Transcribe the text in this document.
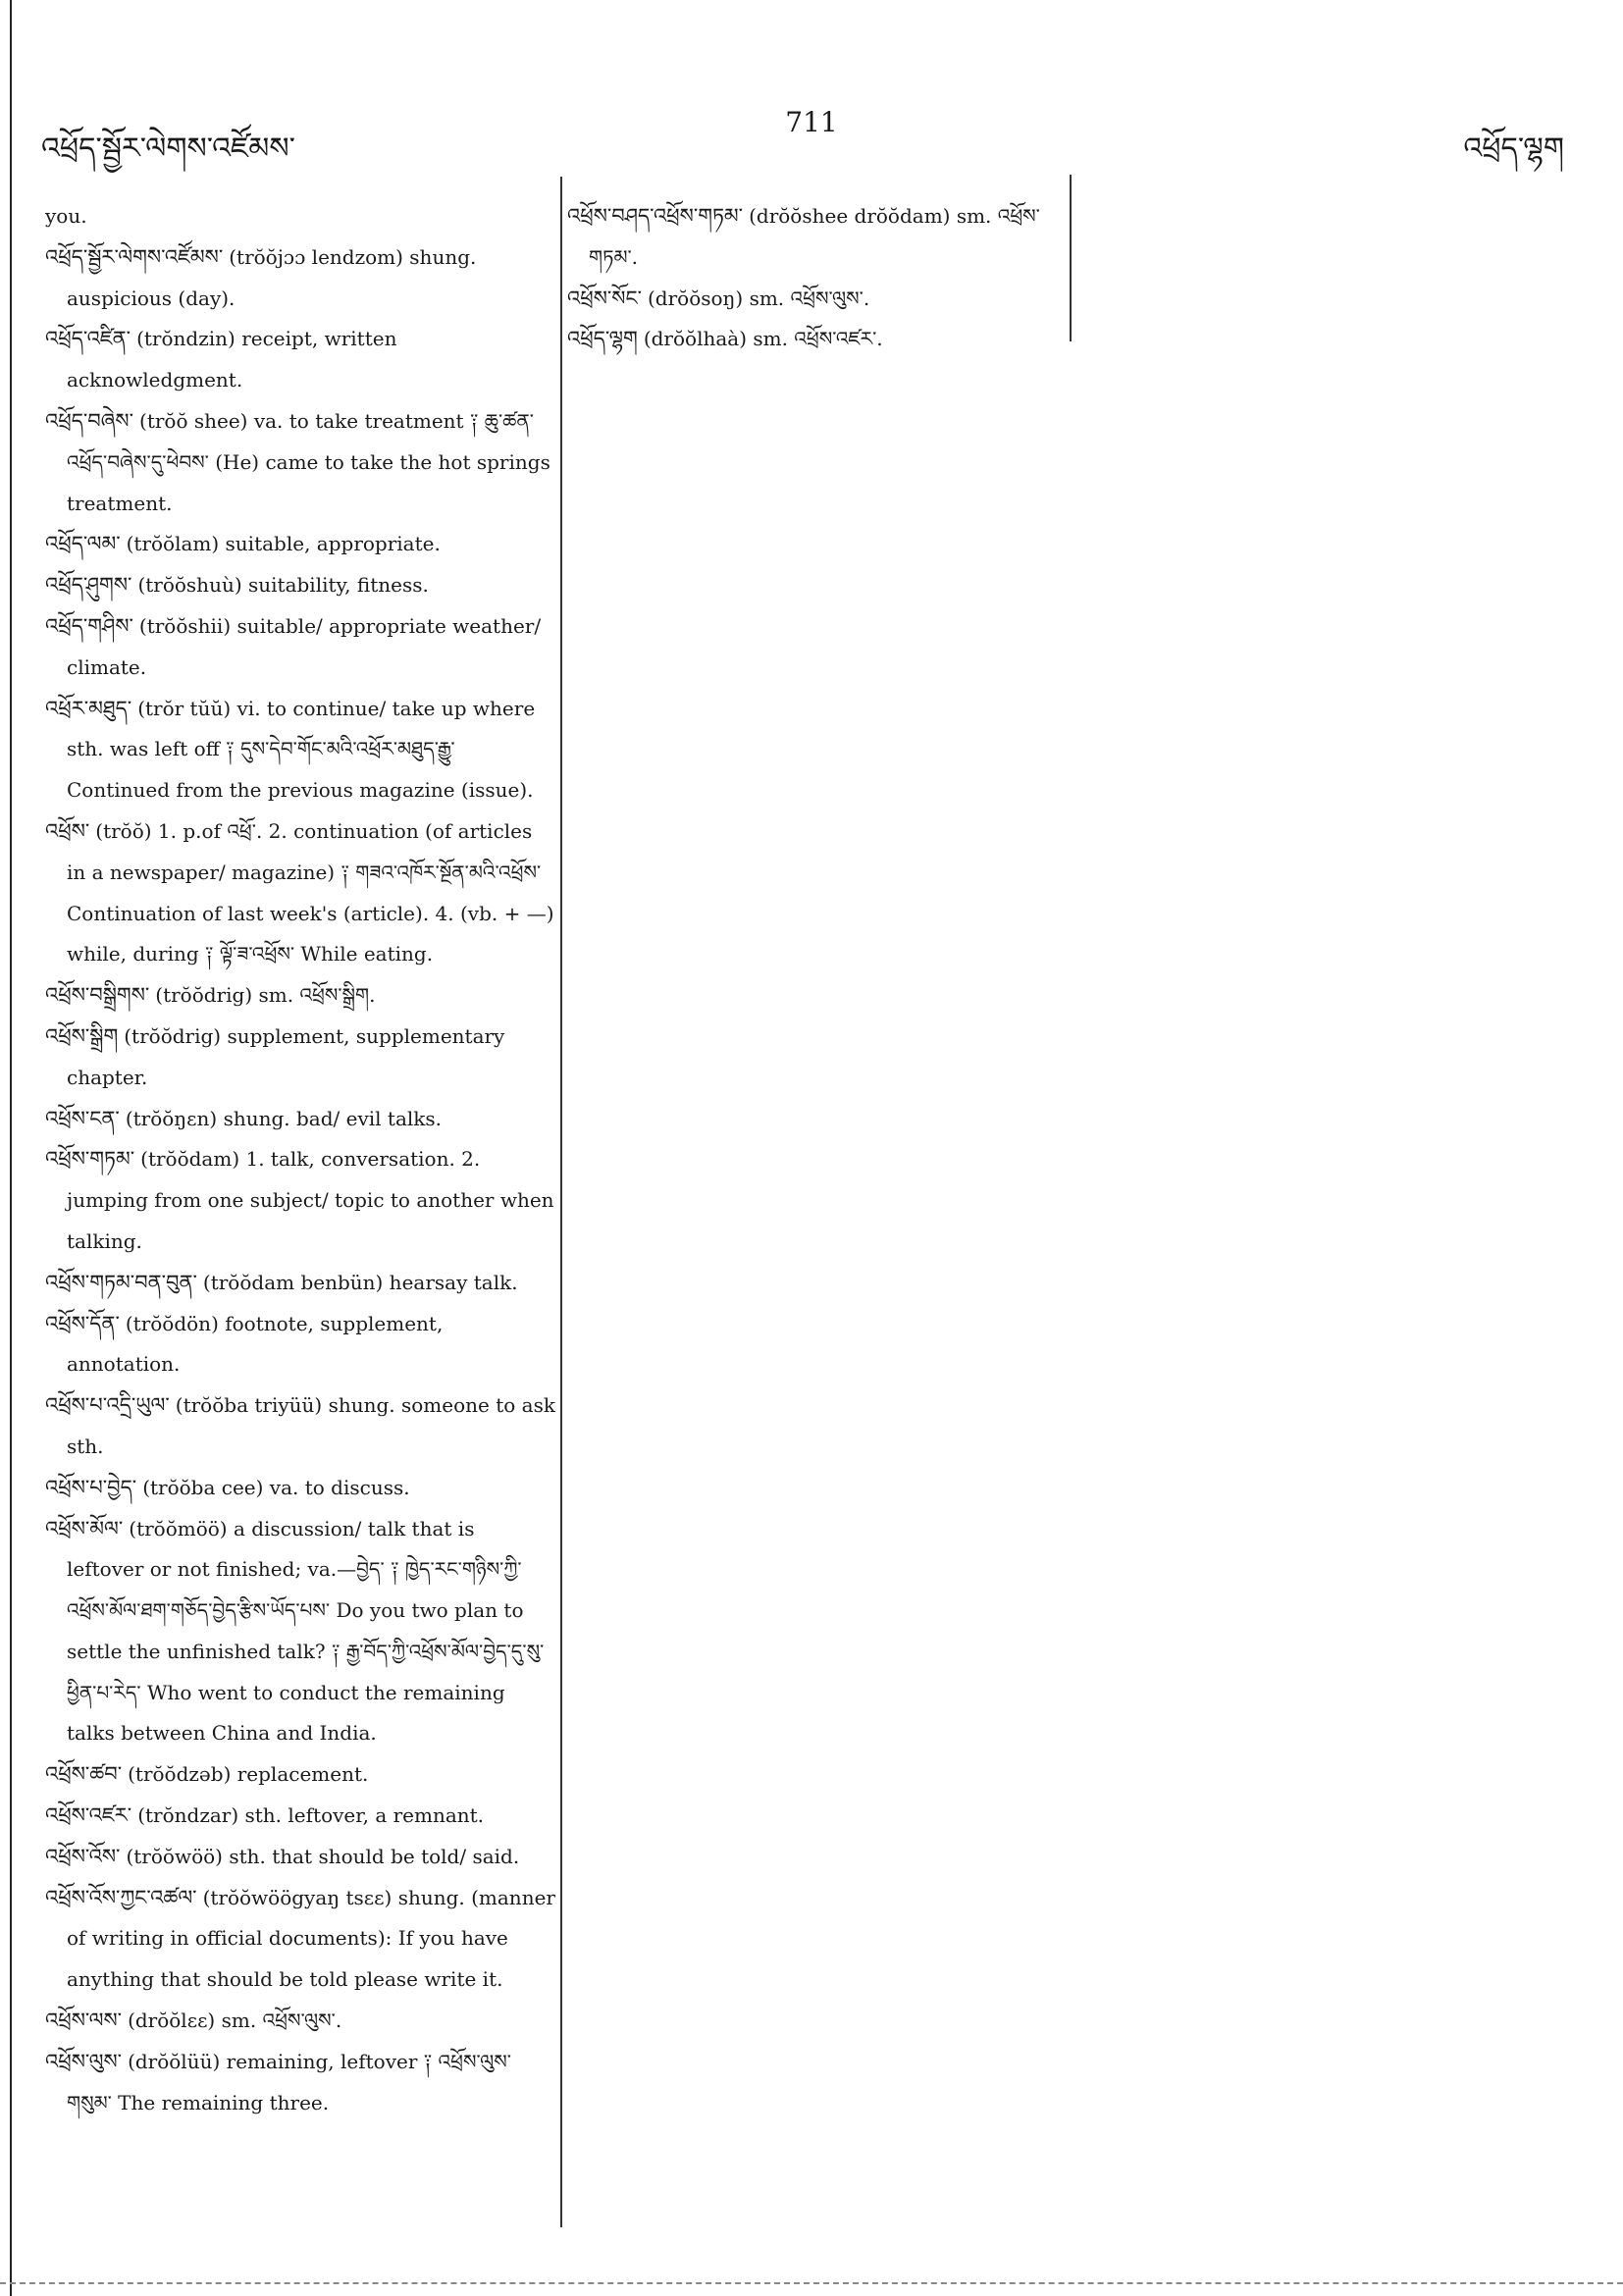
འཕྲོད་སྦྱོར་ལེགས་འཛོམས་
711
འཕྲོད་ལྷག

you.

འཕྲོད་སྦྱོར་ལེགས་འཛོམས་ (trŏŏjɔɔ lendzom) shung. auspicious (day).

འཕྲོད་འཛིན་ (trŏndzin) receipt, written acknowledgment.

འཕྲོད་བཞེས་ (trŏŏ shee) va. to take treatment ༑ ཆུ་ཚན་འཕྲོད་བཞེས་དུ་ཕེབས་ (He) came to take the hot springs treatment.

འཕྲོད་ལམ་ (trŏŏlam) suitable, appropriate.

འཕྲོད་ཤུགས་ (trŏŏshuù) suitability, fitness.

འཕྲོད་གཤིས་ (trŏŏshii) suitable/ appropriate weather/ climate.

འཕྲོར་མཐུད་ (trŏr tŭŭ) vi. to continue/ take up where sth. was left off ༑ དུས་དེབ་གོང་མའི་འཕྲོར་མཐུད་རྒྱུ་ Continued from the previous magazine (issue).

འཕྲོས་ (trŏŏ) 1. p.of འཕྲོ་. 2. continuation (of articles in a newspaper/ magazine) ༑ གཟའ་འཁོར་སྔོན་མའི་འཕྲོས་ Continuation of last week's (article). 4. (vb. + —) while, during ༑ ལྟོ་ཟ་འཕྲོས་ While eating.

འཕྲོས་བསྒྲིགས་ (trŏŏdrig) sm. འཕྲོས་སྒྲིག.

འཕྲོས་སྒྲིག (trŏŏdrig) supplement, supplementary chapter.

འཕྲོས་ངན་ (trŏŏŋɛn) shung. bad/ evil talks.

འཕྲོས་གཏམ་ (trŏŏdam) 1. talk, conversation. 2. jumping from one subject/ topic to another when talking.

འཕྲོས་གཏམ་བན་བུན་ (trŏŏdam benbün) hearsay talk.

འཕྲོས་དོན་ (trŏŏdön) footnote, supplement, annotation.

འཕྲོས་པ་འདྲི་ཡུལ་ (trŏŏba triyüü) shung. someone to ask sth.

འཕྲོས་པ་བྱེད་ (trŏŏba cee) va. to discuss.

འཕྲོས་མོལ་ (trŏŏmöö) a discussion/ talk that is leftover or not finished; va.—བྱེད་ ༑ ཁྱེད་རང་གཉིས་ཀྱི་འཕྲོས་མོལ་ཐག་གཅོད་བྱེད་རྩིས་ཡོད་པས་ Do you two plan to settle the unfinished talk? ༑ རྒྱ་བོད་ཀྱི་འཕྲོས་མོལ་བྱེད་དུ་སུ་ཕྱིན་པ་རེད་ Who went to conduct the remaining talks between China and India.

འཕྲོས་ཚབ་ (trŏŏdzəb) replacement.

འཕྲོས་འཛར་ (trŏndzar) sth. leftover, a remnant.

འཕྲོས་འོས་ (trŏŏwöö) sth. that should be told/ said.

འཕྲོས་འོས་ཀྱང་འཚལ་ (trŏŏwöögyaŋ tsɛɛ) shung. (manner of writing in official documents): If you have anything that should be told please write it.

འཕྲོས་ལས་ (drŏŏlɛɛ) sm. འཕྲོས་ལུས་.

འཕྲོས་ལུས་ (drŏŏlüü) remaining, leftover ༑ འཕྲོས་ལུས་གསུམ་ The remaining three.

འཕྲོས་བཤད་འཕྲོས་གཏམ་ (drŏŏshee drŏŏdam) sm. འཕྲོས་གཏམ་.

འཕྲོས་སོང་ (drŏŏsoŋ) sm. འཕྲོས་ལུས་.

འཕྲོད་ལྷག (drŏŏlhaà) sm. འཕྲོས་འཛར་.
